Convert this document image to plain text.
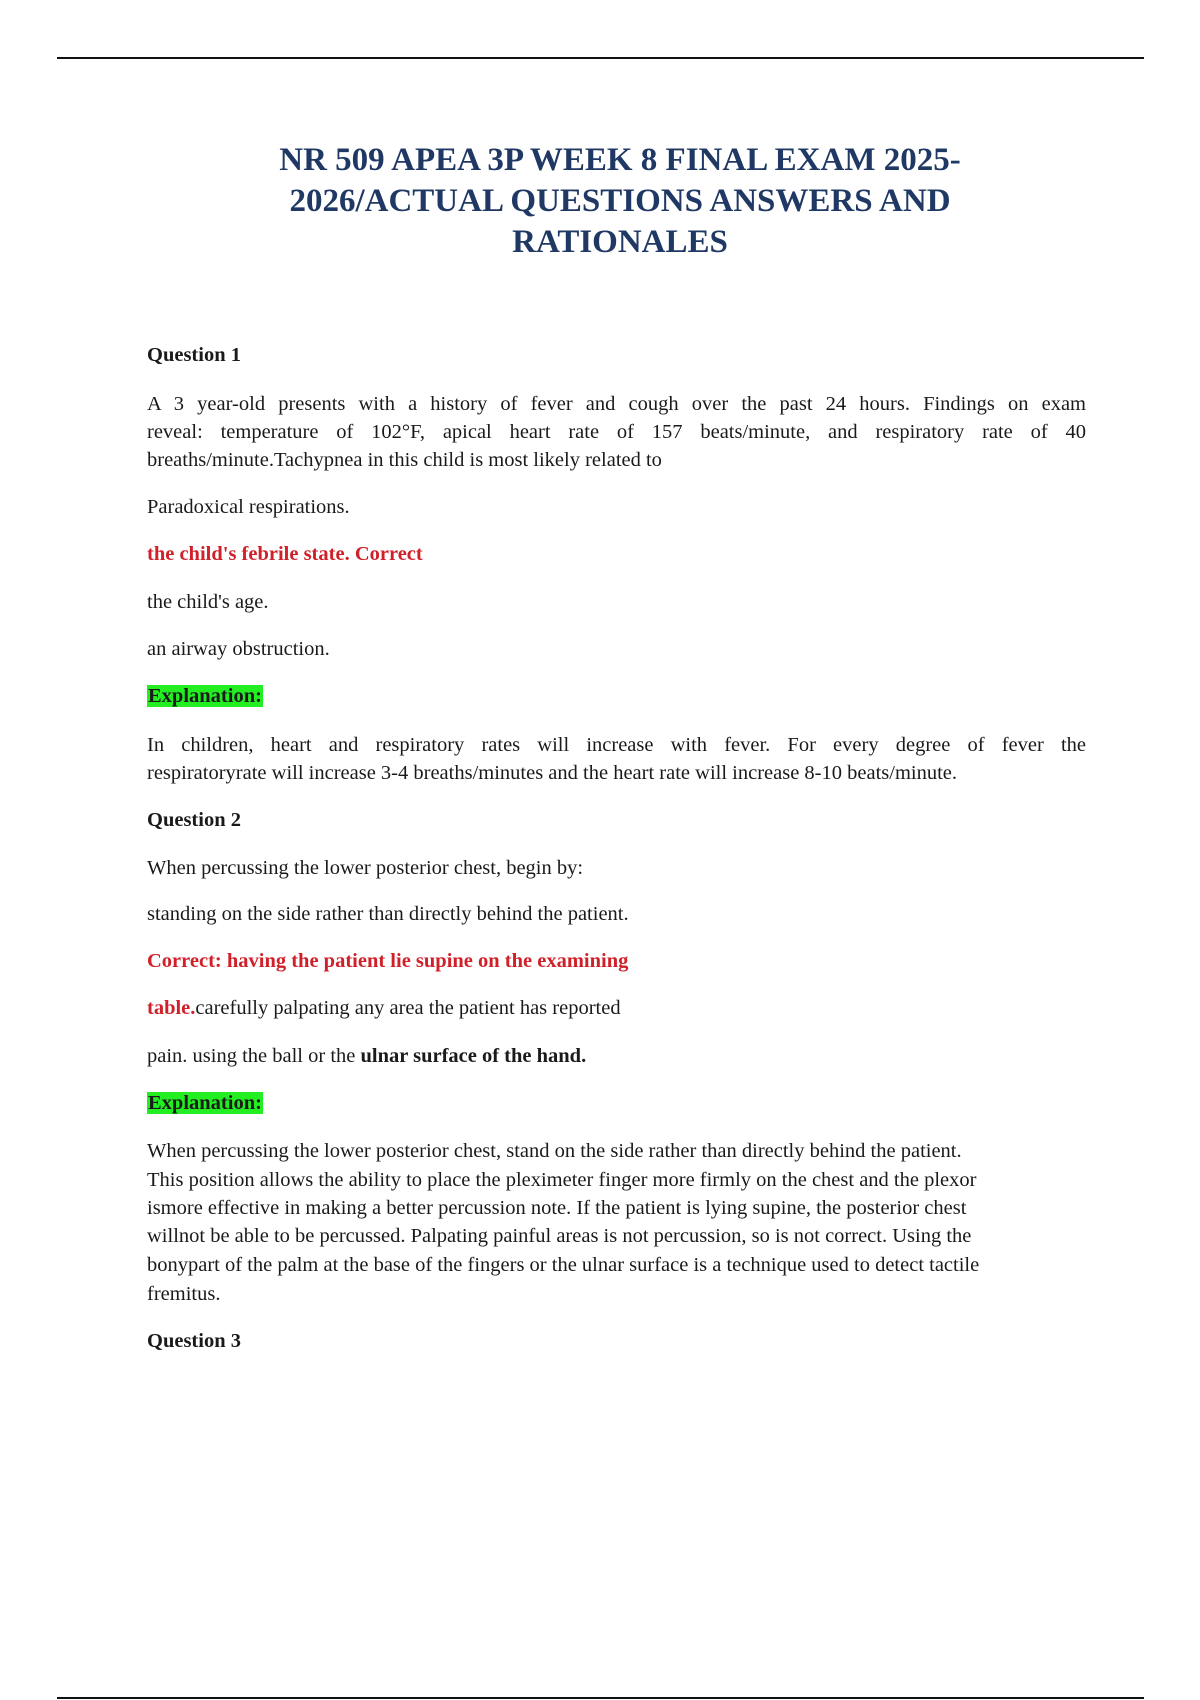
NR 509 APEA 3P WEEK 8 FINAL EXAM 2025-
2026/ACTUAL QUESTIONS ANSWERS AND
RATIONALES
Question 1
A 3 year-old presents with a history of fever and cough over the past 24 hours. Findings on exam
reveal: temperature of 102°F, apical heart rate of 157 beats/minute, and respiratory rate of 40
breaths/minute.Tachypnea in this child is most likely related to
Paradoxical respirations.
the child's febrile state. Correct
the child's age.
an airway obstruction.
Explanation:
In children, heart and respiratory rates will increase with fever. For every degree of fever the
respiratoryrate will increase 3-4 breaths/minutes and the heart rate will increase 8-10 beats/minute.
Question 2
When percussing the lower posterior chest, begin by:
standing on the side rather than directly behind the patient.
Correct: having the patient lie supine on the examining
table.carefully palpating any area the patient has reported
pain. using the ball or the ulnar surface of the hand.
Explanation:
When percussing the lower posterior chest, stand on the side rather than directly behind the patient.
This position allows the ability to place the pleximeter finger more firmly on the chest and the plexor
ismore effective in making a better percussion note. If the patient is lying supine, the posterior chest
willnot be able to be percussed. Palpating painful areas is not percussion, so is not correct. Using the
bonypart of the palm at the base of the fingers or the ulnar surface is a technique used to detect tactile
fremitus.
Question 3
